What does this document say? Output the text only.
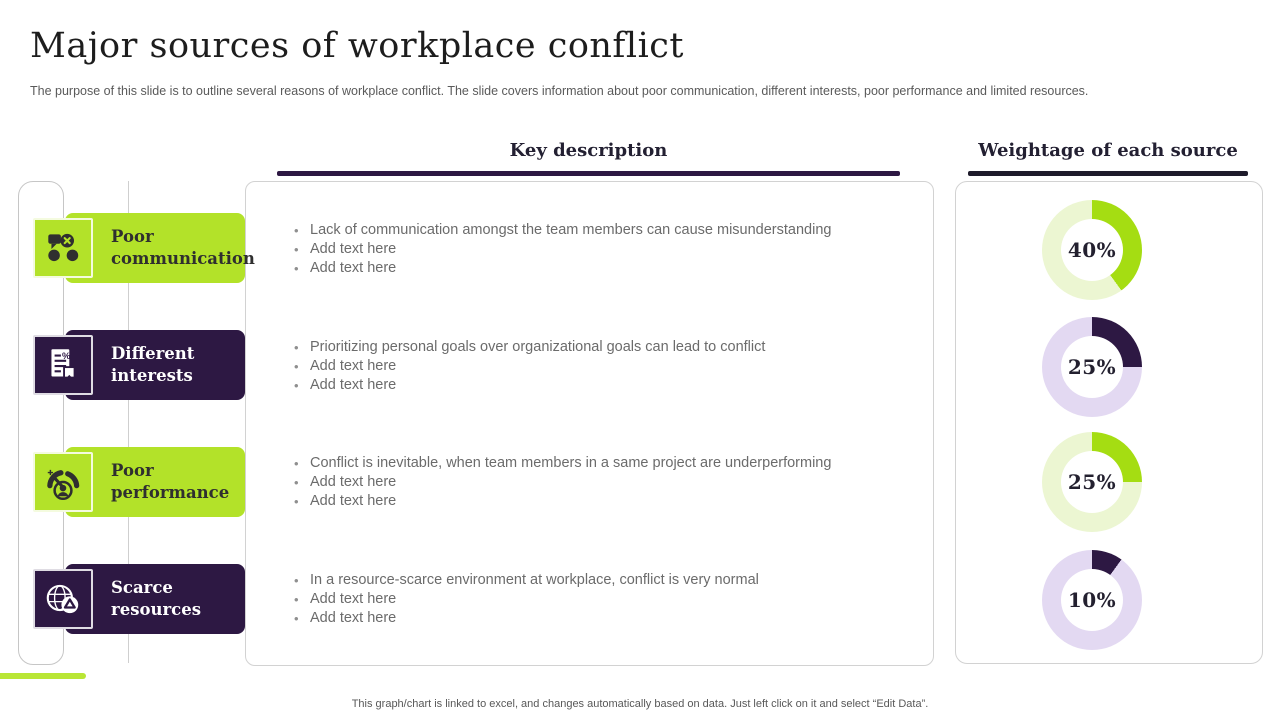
Major sources of workplace conflict

The purpose of this slide is to outline several reasons of workplace conflict. The slide covers information about poor communication, different interests, poor performance and limited resources.

Key description	Weightage of each source
Poor communication
• Lack of communication amongst the team members can cause misunderstanding
• Add text here
• Add text here
40%
Different interests
%
• Prioritizing personal goals over organizational goals can lead to conflict
• Add text here
• Add text here
25%
Poor performance
• Conflict is inevitable, when team members in a same project are underperforming
• Add text here
• Add text here
25%
Scarce resources
• In a resource-scarce environment at workplace, conflict is very normal
• Add text here
• Add text here
10%

This graph/chart is linked to excel, and changes automatically based on data. Just left click on it and select “Edit Data”.
